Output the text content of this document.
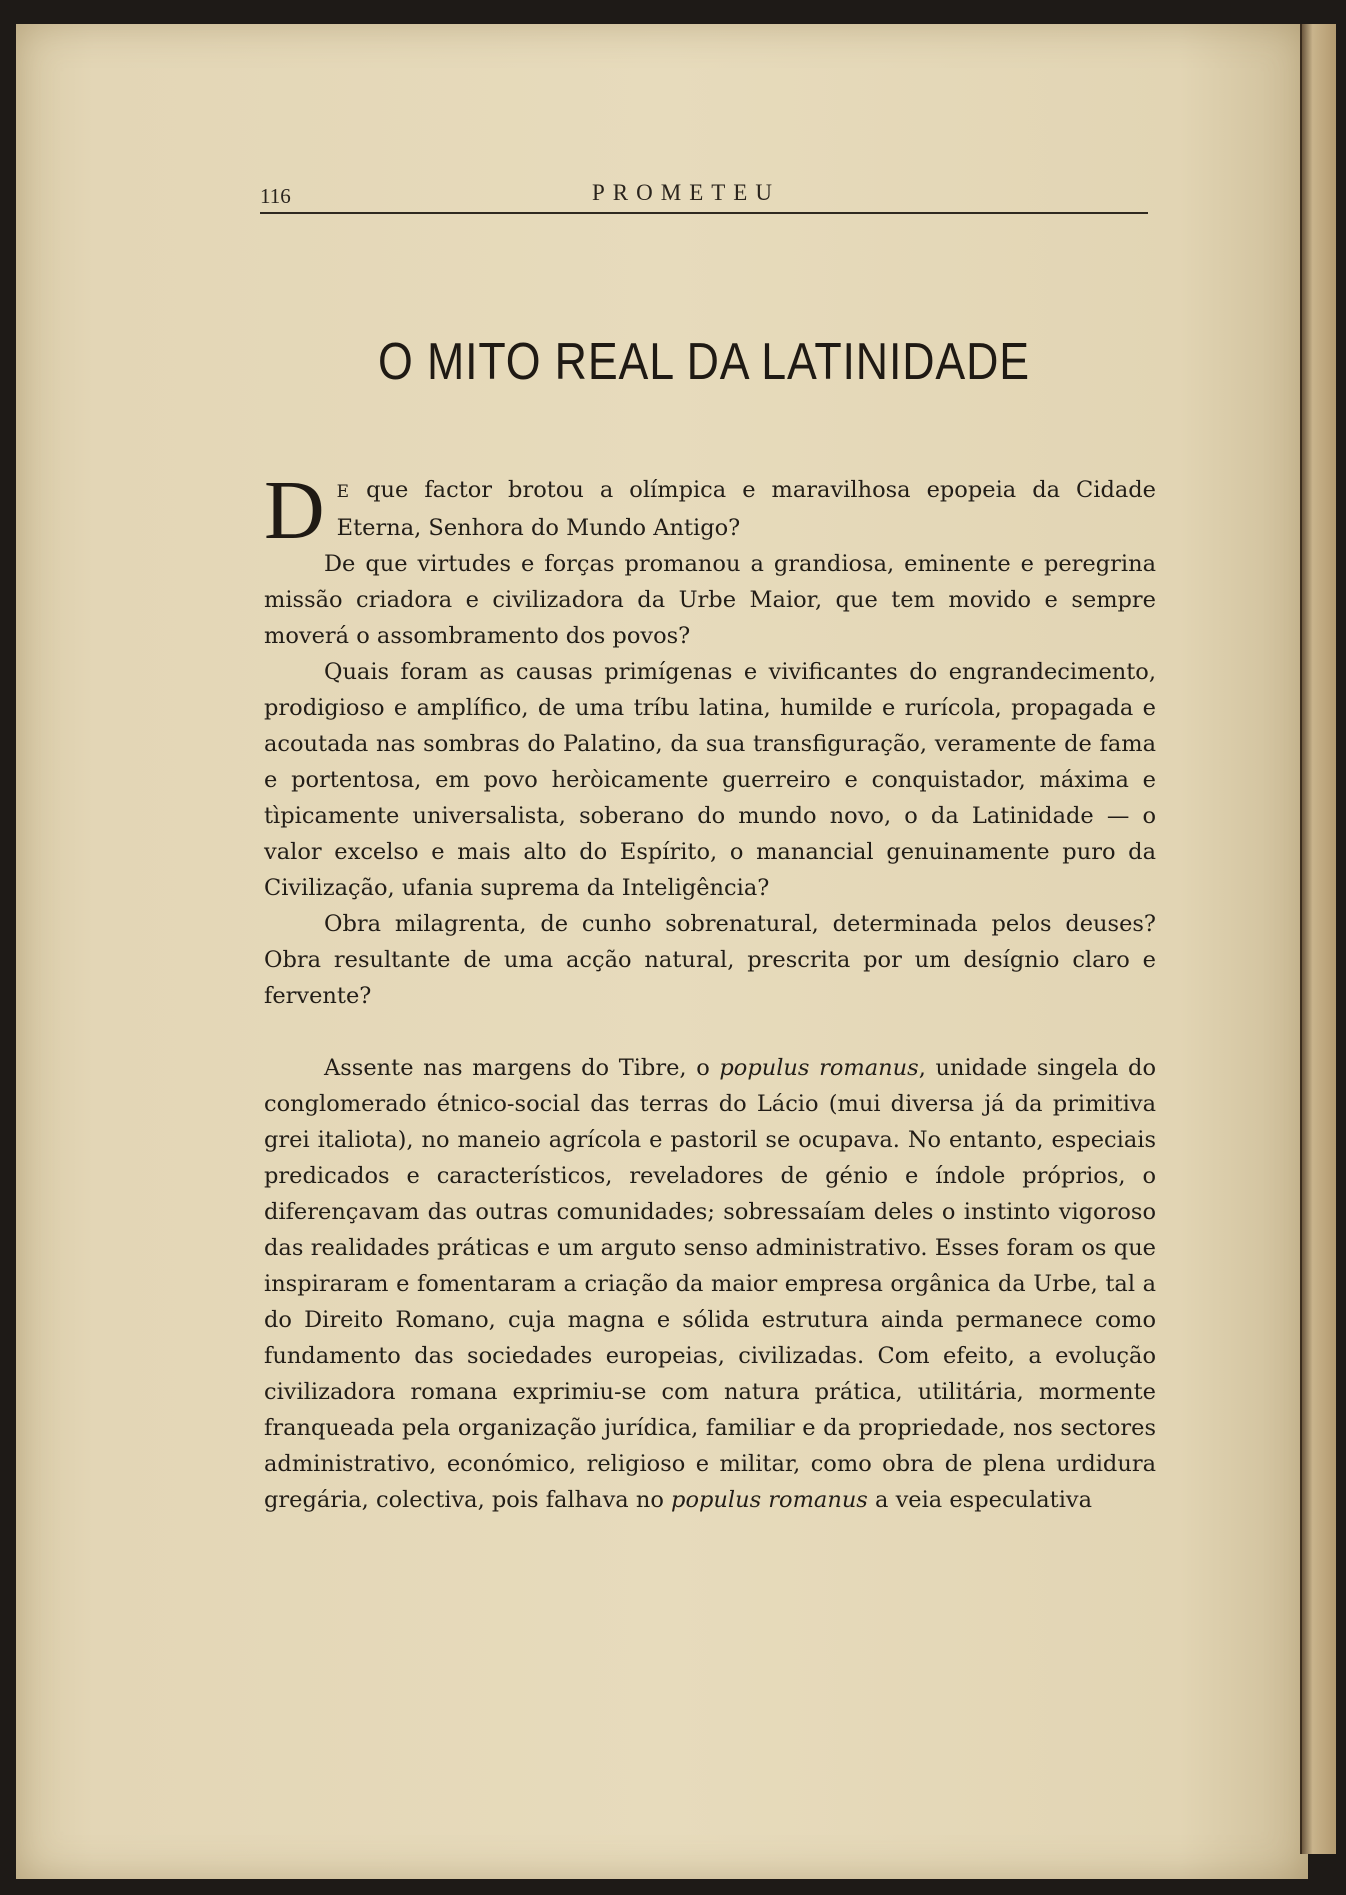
116	PROMETEU
O MITO REAL DA LATINIDADE

D E que factor brotou a olímpica e maravilhosa epopeia da Cidade Eterna, Senhora do Mundo Antigo?

De que virtudes e forças promanou a grandiosa, eminente e peregrina missão criadora e civilizadora da Urbe Maior, que tem movido e sempre moverá o assombramento dos povos?

Quais foram as causas primígenas e vivificantes do engrandecimento, prodigioso e amplífico, de uma tríbu latina, humilde e rurícola, propagada e acoutada nas sombras do Palatino, da sua transfiguração, veramente de fama e portentosa, em povo heròicamente guerreiro e conquistador, máxima e tìpicamente universalista, soberano do mundo novo, o da Latinidade — o valor excelso e mais alto do Espírito, o manancial genuinamente puro da Civilização, ufania suprema da Inteligência?

Obra milagrenta, de cunho sobrenatural, determinada pelos deuses? Obra resultante de uma acção natural, prescrita por um desígnio claro e fervente?

Assente nas margens do Tibre, o populus romanus, unidade singela do conglomerado étnico-social das terras do Lácio (mui diversa já da primitiva grei italiota), no maneio agrícola e pastoril se ocupava. No entanto, especiais predicados e característicos, reveladores de génio e índole próprios, o diferençavam das outras comunidades; sobressaíam deles o instinto vigoroso das realidades práticas e um arguto senso administrativo. Esses foram os que inspiraram e fomentaram a criação da maior empresa orgânica da Urbe, tal a do Direito Romano, cuja magna e sólida estrutura ainda permanece como fundamento das sociedades europeias, civilizadas. Com efeito, a evolução civilizadora romana exprimiu-se com natura prática, utilitária, mormente franqueada pela organização jurídica, familiar e da propriedade, nos sectores administrativo, económico, religioso e militar, como obra de plena urdidura gregária, colectiva, pois falhava no populus romanus a veia especulativa
